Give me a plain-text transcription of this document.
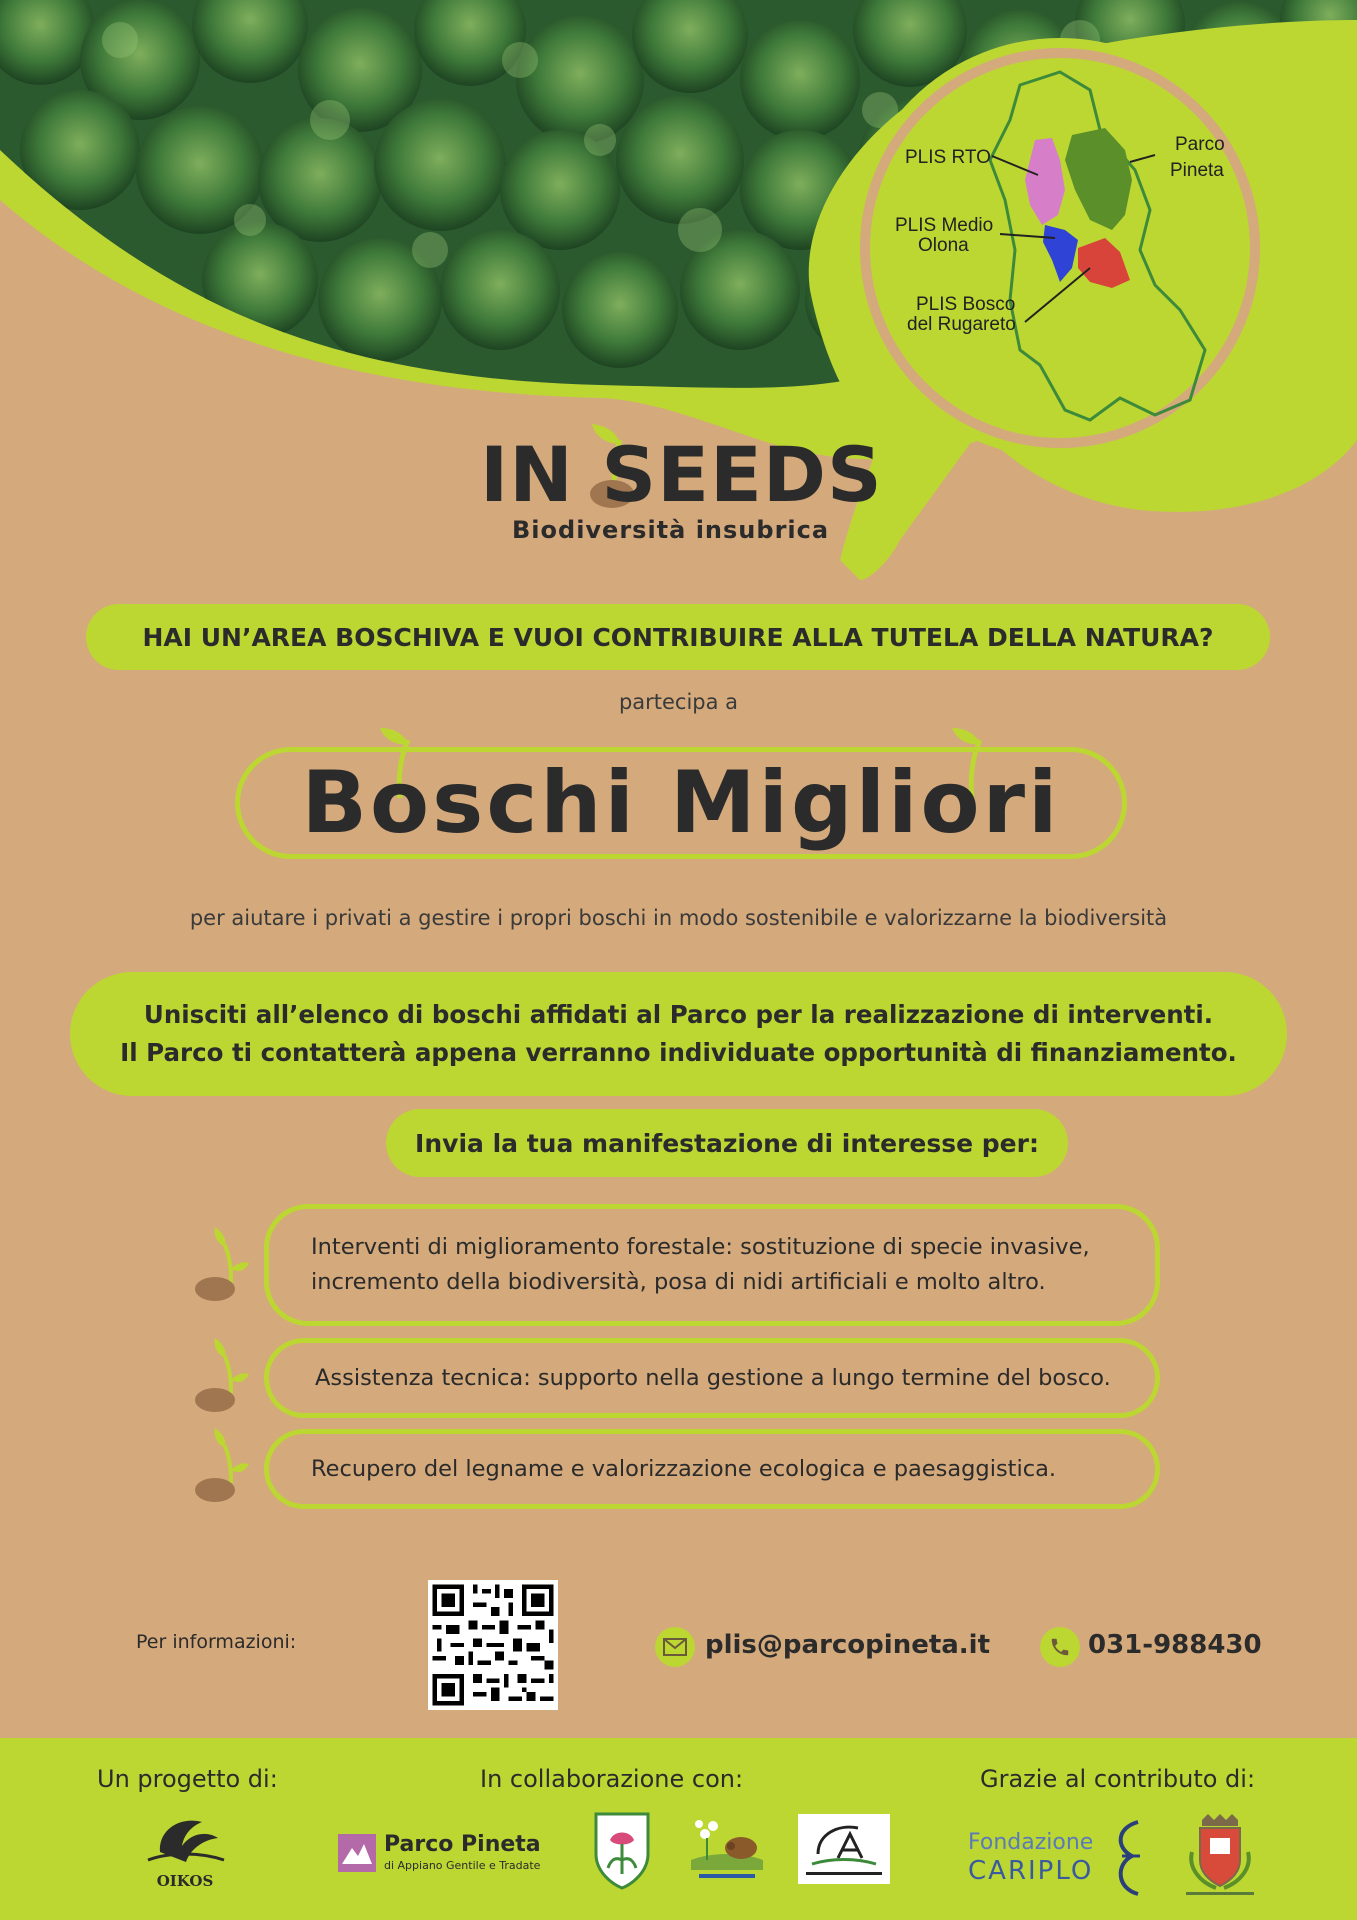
PLIS RTO
Parco
Pineta
PLIS Medio
Olona
PLIS Bosco
del Rugareto
IN SEEDS
Biodiversità insubrica
HAI UN’AREA BOSCHIVA E VUOI CONTRIBUIRE ALLA TUTELA DELLA NATURA?
partecipa a
Boschi Migliori
per aiutare i privati a gestire i propri boschi in modo sostenibile e valorizzarne la biodiversità
Unisciti all’elenco di boschi affidati al Parco per la realizzazione di interventi.
Il Parco ti contatterà appena verranno individuate opportunità di finanziamento.
Invia la tua manifestazione di interesse per:
Interventi di miglioramento forestale: sostituzione di specie invasive,
incremento della biodiversità, posa di nidi artificiali e molto altro.
Assistenza tecnica: supporto nella gestione a lungo termine del bosco.
Recupero del legname e valorizzazione ecologica e paesaggistica.
Per informazioni:	plis@parcopineta.it	031-988430
Un progetto di:	In collaborazione con:	Grazie al contributo di:
OIKOS
Parco Pineta
di Appiano Gentile e Tradate
Fondazione
CARIPLO
